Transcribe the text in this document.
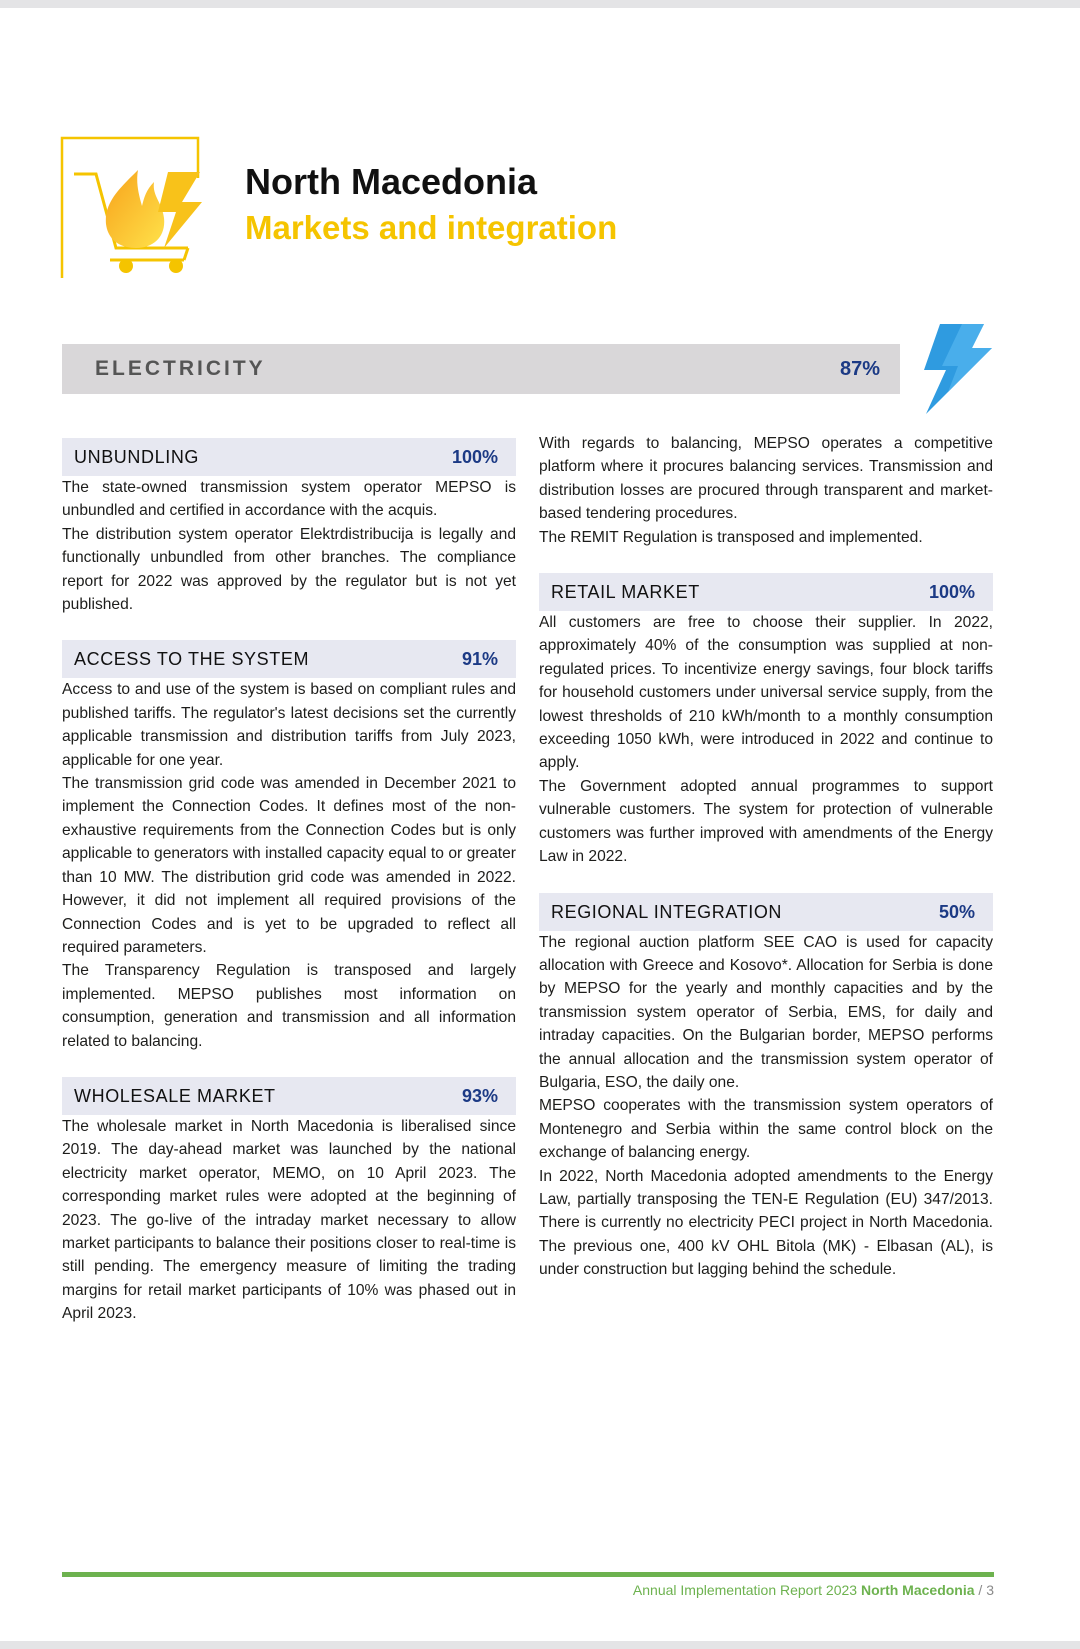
North Macedonia
Markets and integration
ELECTRICITY	87%
UNBUNDLING	100%

The state-owned transmission system operator MEPSO is unbundled and certified in accordance with the acquis.

The distribution system operator Elektrdistribucija is legally and functionally unbundled from other branches. The compliance report for 2022 was approved by the regulator but is not yet published.

ACCESS TO THE SYSTEM	91%

Access to and use of the system is based on compliant rules and published tariffs. The regulator's latest decisions set the currently applicable transmission and distribution tariffs from July 2023, applicable for one year.

The transmission grid code was amended in December 2021 to implement the Connection Codes. It defines most of the non-exhaustive requirements from the Connection Codes but is only applicable to generators with installed capacity equal to or greater than 10 MW. The distribution grid code was amended in 2022. However, it did not implement all required provisions of the Connection Codes and is yet to be upgraded to reflect all required parameters.

The Transparency Regulation is transposed and largely implemented. MEPSO publishes most information on consumption, generation and transmission and all information related to balancing.

WHOLESALE MARKET	93%

The wholesale market in North Macedonia is liberalised since 2019. The day-ahead market was launched by the national electricity market operator, MEMO, on 10 April 2023. The corresponding market rules were adopted at the beginning of 2023. The go-live of the intraday market necessary to allow market participants to balance their positions closer to real-time is still pending. The emergency measure of limiting the trading margins for retail market participants of 10% was phased out in April 2023.

With regards to balancing, MEPSO operates a competitive platform where it procures balancing services. Transmission and distribution losses are procured through transparent and market-based tendering procedures.

The REMIT Regulation is transposed and implemented.

RETAIL MARKET	100%

All customers are free to choose their supplier. In 2022, approximately 40% of the consumption was supplied at non-regulated prices. To incentivize energy savings, four block tariffs for household customers under universal service supply, from the lowest thresholds of 210 kWh/month to a monthly consumption exceeding 1050 kWh, were introduced in 2022 and continue to apply.

The Government adopted annual programmes to support vulnerable customers. The system for protection of vulnerable customers was further improved with amendments of the Energy Law in 2022.

REGIONAL INTEGRATION	50%

The regional auction platform SEE CAO is used for capacity allocation with Greece and Kosovo*. Allocation for Serbia is done by MEPSO for the yearly and monthly capacities and by the transmission system operator of Serbia, EMS, for daily and intraday capacities. On the Bulgarian border, MEPSO performs the annual allocation and the transmission system operator of Bulgaria, ESO, the daily one.

MEPSO cooperates with the transmission system operators of Montenegro and Serbia within the same control block on the exchange of balancing energy.

In 2022, North Macedonia adopted amendments to the Energy Law, partially transposing the TEN-E Regulation (EU) 347/2013. There is currently no electricity PECI project in North Macedonia. The previous one, 400 kV OHL Bitola (MK) - Elbasan (AL), is under construction but lagging behind the schedule.

Annual Implementation Report 2023 North Macedonia / 3
